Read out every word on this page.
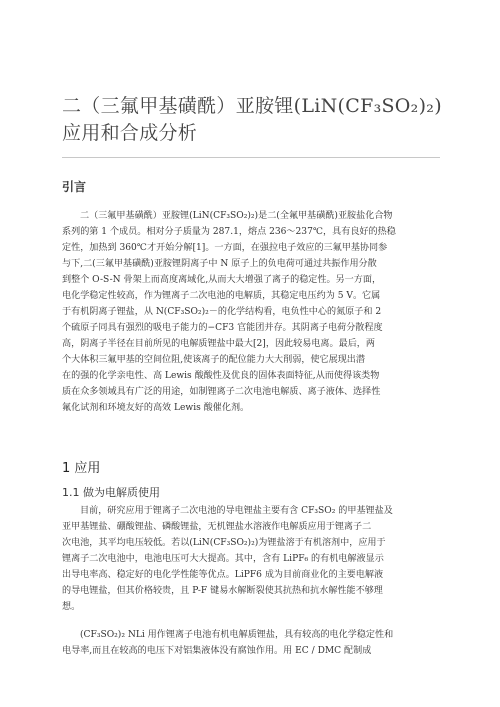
二（三氟甲基磺酰）亚胺锂(LiN(CF₃SO₂)₂)
应用和合成分析
引言

二（三氟甲基磺酰）亚胺锂(LiN(CF₃SO₂)₂)是二(全氟甲基磺酰)亚胺盐化合物
系列的第 1 个成员。相对分子质量为 287.1，熔点 236～237℃，具有良好的热稳
定性，加热到 360℃才开始分解[1]。一方面，在强拉电子效应的三氟甲基协同参
与下,二(三氟甲基磺酰)亚胺锂阴离子中 N 原子上的负电荷可通过共振作用分散
到整个 O-S-N 骨架上而高度离域化,从而大大增强了离子的稳定性。另一方面，
电化学稳定性较高，作为锂离子二次电池的电解质，其稳定电压约为 5 V。它属
于有机阴离子锂盐，从 N(CF₃SO₂)₂－的化学结构看，电负性中心的氮原子和 2
个硫原子同具有强烈的吸电子能力的−CF3 官能团并存。其阴离子电荷分散程度
高，阴离子半径在目前所见的电解质锂盐中最大[2]，因此较易电离。最后，两
个大体积三氟甲基的空间位阻,使该离子的配位能力大大削弱，使它展现出潜
在的强的化学亲电性、高 Lewis 酸酸性及优良的固体表面特征,从而使得该类物
质在众多领域具有广泛的用途，如制锂离子二次电池电解质、离子液体、选择性
氟化试剂和环境友好的高效 Lewis 酸催化剂。

1 应用
1.1 做为电解质使用

目前，研究应用于锂离子二次电池的导电锂盐主要有含 CF₃SO₂ 的甲基锂盐及
亚甲基锂盐、硼酸锂盐、磷酸锂盐，无机锂盐水溶液作电解质应用于锂离子二
次电池，其平均电压较低。若以(LiN(CF₃SO₂)₂)为锂盐溶于有机溶剂中，应用于
锂离子二次电池中，电池电压可大大提高。其中，含有 LiPF₆ 的有机电解液显示
出导电率高、稳定好的电化学性能等优点。LiPF6 成为目前商业化的主要电解液
的导电锂盐，但其价格较贵，且 P-F 键易水解断裂使其抗热和抗水解性能不够理
想。

(CF₃SO₂)₂ NLi 用作锂离子电池有机电解质锂盐，具有较高的电化学稳定性和
电导率,而且在较高的电压下对铝集液体没有腐蚀作用。用 EC / DMC 配制成
